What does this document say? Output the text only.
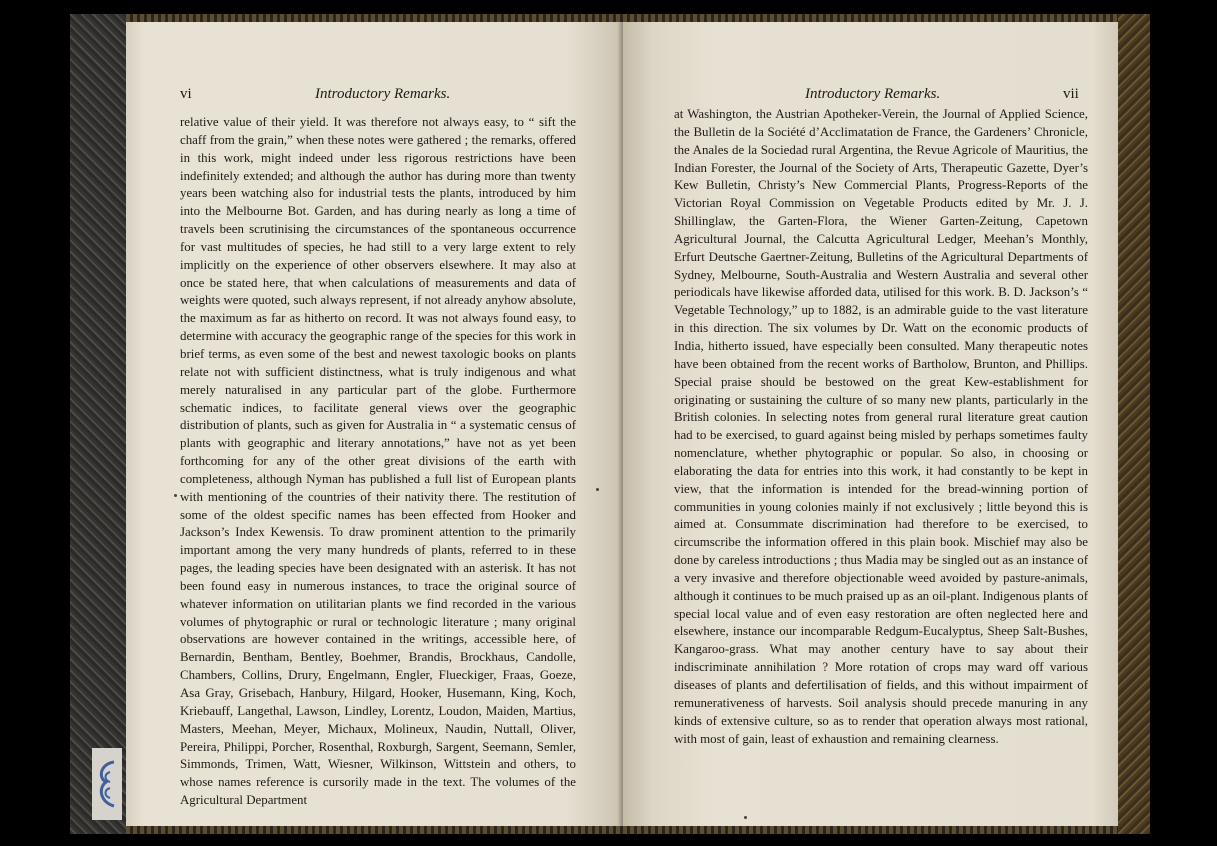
vi	Introductory Remarks.

relative value of their yield. It was therefore not always easy, to “ sift the chaff from the grain,” when these notes were gathered ; the remarks, offered in this work, might indeed under less rigorous restrictions have been indefinitely extended; and although the author has during more than twenty years been watching also for industrial tests the plants, introduced by him into the Melbourne Bot. Garden, and has during nearly as long a time of travels been scrutinising the circumstances of the spontaneous occurrence for vast multitudes of species, he had still to a very large extent to rely implicitly on the experience of other observers elsewhere. It may also at once be stated here, that when calculations of measurements and data of weights were quoted, such always represent, if not already anyhow absolute, the maximum as far as hitherto on record. It was not always found easy, to determine with accuracy the geographic range of the species for this work in brief terms, as even some of the best and newest taxologic books on plants relate not with sufficient distinctness, what is truly indigenous and what merely naturalised in any particular part of the globe. Furthermore schematic indices, to facilitate general views over the geographic distribution of plants, such as given for Australia in “ a systematic census of plants with geographic and literary annotations,” have not as yet been forthcoming for any of the other great divisions of the earth with completeness, although Nyman has published a full list of European plants with mentioning of the countries of their nativity there. The restitution of some of the oldest specific names has been effected from Hooker and Jackson’s Index Kewensis. To draw prominent attention to the primarily important among the very many hundreds of plants, referred to in these pages, the leading species have been designated with an asterisk. It has not been found easy in numerous instances, to trace the original source of whatever information on utilitarian plants we find recorded in the various volumes of phytographic or rural or technologic literature ; many original observations are however contained in the writings, accessible here, of Bernardin, Bentham, Bentley, Boehmer, Brandis, Brockhaus, Candolle, Chambers, Collins, Drury, Engelmann, Engler, Flueckiger, Fraas, Goeze, Asa Gray, Grisebach, Hanbury, Hilgard, Hooker, Husemann, King, Koch, Kriebauff, Langethal, Lawson, Lindley, Lorentz, Loudon, Maiden, Martius, Masters, Meehan, Meyer, Michaux, Molineux, Naudin, Nuttall, Oliver, Pereira, Philippi, Porcher, Rosenthal, Roxburgh, Sargent, Seemann, Semler, Simmonds, Trimen, Watt, Wiesner, Wilkinson, Wittstein and others, to whose names reference is cursorily made in the text. The volumes of the Agricultural Department

Introductory Remarks.	vii

at Washington, the Austrian Apotheker-Verein, the Journal of Applied Science, the Bulletin de la Société d’Acclimatation de France, the Gardeners’ Chronicle, the Anales de la Sociedad rural Argentina, the Revue Agricole of Mauritius, the Indian Forester, the Journal of the Society of Arts, Therapeutic Gazette, Dyer’s Kew Bulletin, Christy’s New Commercial Plants, Progress-Reports of the Victorian Royal Commission on Vegetable Products edited by Mr. J. J. Shillinglaw, the Garten-Flora, the Wiener Garten-Zeitung, Capetown Agricultural Journal, the Calcutta Agricultural Ledger, Meehan’s Monthly, Erfurt Deutsche Gaertner-Zeitung, Bulletins of the Agricultural Departments of Sydney, Melbourne, South-Australia and Western Australia and several other periodicals have likewise afforded data, utilised for this work. B. D. Jackson’s “ Vegetable Technology,” up to 1882, is an admirable guide to the vast literature in this direction. The six volumes by Dr. Watt on the economic products of India, hitherto issued, have especially been consulted. Many therapeutic notes have been obtained from the recent works of Bartholow, Brunton, and Phillips. Special praise should be bestowed on the great Kew-establishment for originating or sustaining the culture of so many new plants, particularly in the British colonies. In selecting notes from general rural literature great caution had to be exercised, to guard against being misled by perhaps sometimes faulty nomenclature, whether phytographic or popular. So also, in choosing or elaborating the data for entries into this work, it had constantly to be kept in view, that the information is intended for the bread-winning portion of communities in young colonies mainly if not exclusively ; little beyond this is aimed at. Consummate discrimination had therefore to be exercised, to circumscribe the information offered in this plain book. Mischief may also be done by careless introductions ; thus Madia may be singled out as an instance of a very invasive and therefore objectionable weed avoided by pasture-animals, although it continues to be much praised up as an oil-plant. Indigenous plants of special local value and of even easy restoration are often neglected here and elsewhere, instance our incomparable Redgum-Eucalyptus, Sheep Salt-Bushes, Kangaroo-grass. What may another century have to say about their indiscriminate annihilation ? More rotation of crops may ward off various diseases of plants and defertilisation of fields, and this without impairment of remunerativeness of harvests. Soil analysis should precede manuring in any kinds of extensive culture, so as to render that operation always most rational, with most of gain, least of exhaustion and remaining clearness.
